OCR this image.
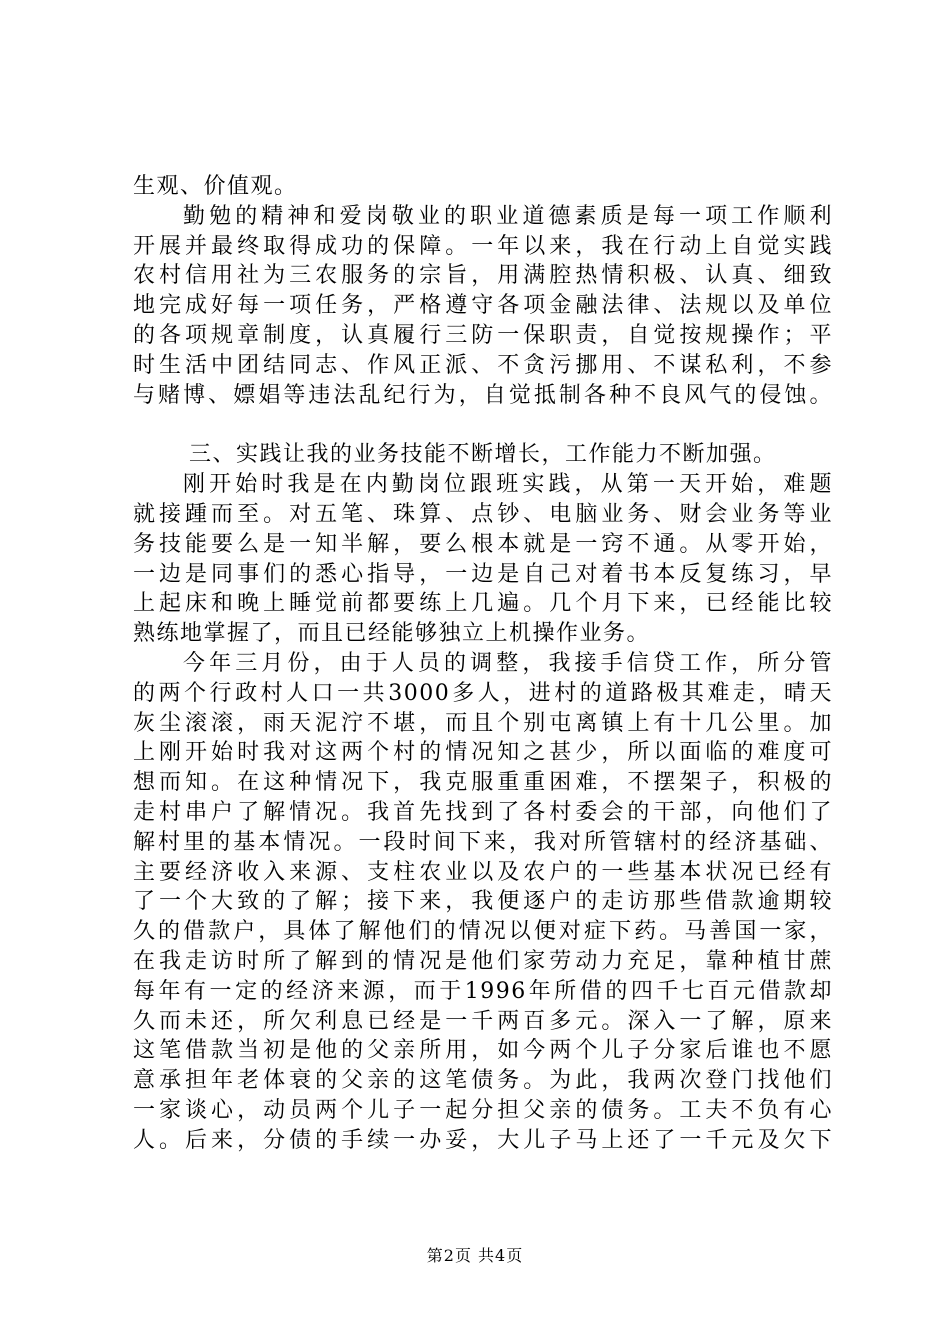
生观、价值观。
勤勉的精神和爱岗敬业的职业道德素质是每一项工作顺利
开展并最终取得成功的保障。一年以来，我在行动上自觉实践
农村信用社为三农服务的宗旨，用满腔热情积极、认真、细致
地完成好每一项任务，严格遵守各项金融法律、法规以及单位
的各项规章制度，认真履行三防一保职责，自觉按规操作；平
时生活中团结同志、作风正派、不贪污挪用、不谋私利，不参
与赌博、嫖娼等违法乱纪行为，自觉抵制各种不良风气的侵蚀。
三、实践让我的业务技能不断增长，工作能力不断加强。
刚开始时我是在内勤岗位跟班实践，从第一天开始，难题
就接踵而至。对五笔、珠算、点钞、电脑业务、财会业务等业
务技能要么是一知半解，要么根本就是一窍不通。从零开始，
一边是同事们的悉心指导，一边是自己对着书本反复练习，早
上起床和晚上睡觉前都要练上几遍。几个月下来，已经能比较
熟练地掌握了，而且已经能够独立上机操作业务。
今年三月份，由于人员的调整，我接手信贷工作，所分管
的两个行政村人口一共3000多人，进村的道路极其难走，晴天
灰尘滚滚，雨天泥泞不堪，而且个别屯离镇上有十几公里。加
上刚开始时我对这两个村的情况知之甚少，所以面临的难度可
想而知。在这种情况下，我克服重重困难，不摆架子，积极的
走村串户了解情况。我首先找到了各村委会的干部，向他们了
解村里的基本情况。一段时间下来，我对所管辖村的经济基础、
主要经济收入来源、支柱农业以及农户的一些基本状况已经有
了一个大致的了解；接下来，我便逐户的走访那些借款逾期较
久的借款户，具体了解他们的情况以便对症下药。马善国一家，
在我走访时所了解到的情况是他们家劳动力充足，靠种植甘蔗
每年有一定的经济来源，而于1996年所借的四千七百元借款却
久而未还，所欠利息已经是一千两百多元。深入一了解，原来
这笔借款当初是他的父亲所用，如今两个儿子分家后谁也不愿
意承担年老体衰的父亲的这笔债务。为此，我两次登门找他们
一家谈心，动员两个儿子一起分担父亲的债务。工夫不负有心
人。后来，分债的手续一办妥，大儿子马上还了一千元及欠下
第2页 共4页
